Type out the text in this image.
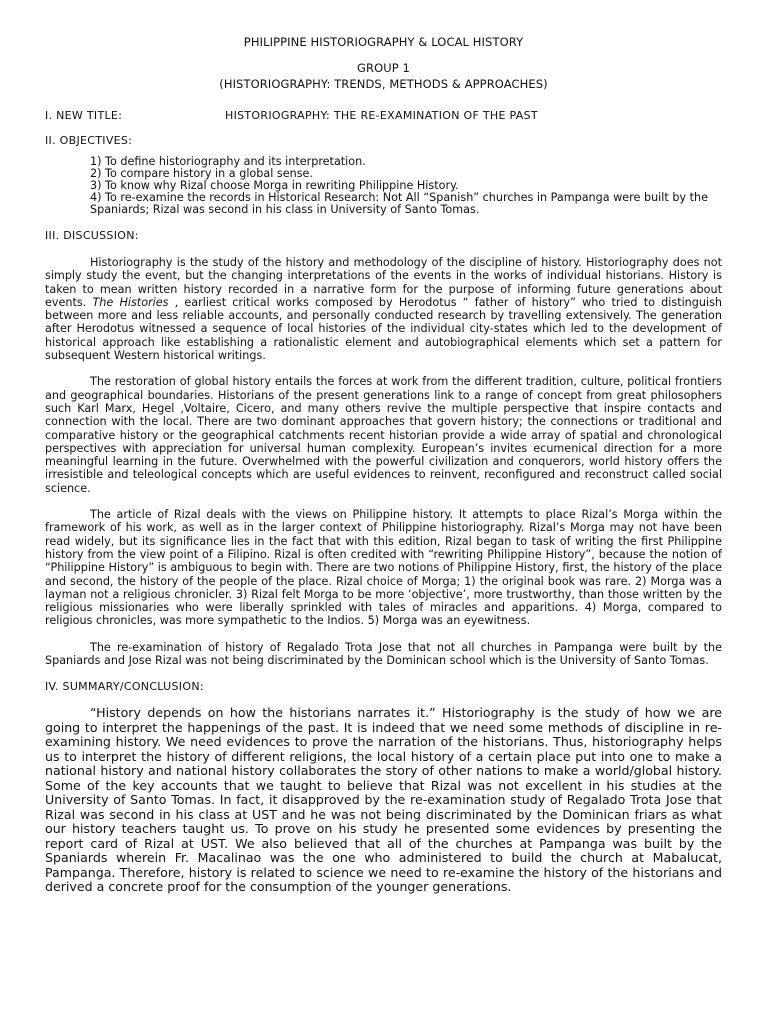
PHILIPPINE HISTORIOGRAPHY & LOCAL HISTORY
GROUP 1
(HISTORIOGRAPHY: TRENDS, METHODS & APPROACHES)
I. NEW TITLE:	HISTORIOGRAPHY: THE RE-EXAMINATION OF THE PAST
II. OBJECTIVES:
1) To define historiography and its interpretation.
2) To compare history in a global sense.
3) To know why Rizal choose Morga in rewriting Philippine History.
4) To re-examine the records in Historical Research: Not All “Spanish” churches in Pampanga were built by the Spaniards; Rizal was second in his class in University of Santo Tomas.
III. DISCUSSION:

Historiography is the study of the history and methodology of the discipline of history. Historiography does not simply study the event, but the changing interpretations of the events in the works of individual historians. History is taken to mean written history recorded in a narrative form for the purpose of informing future generations about events. The Histories , earliest critical works composed by Herodotus “ father of history” who tried to distinguish between more and less reliable accounts, and personally conducted research by travelling extensively. The generation after Herodotus witnessed a sequence of local histories of the individual city-states which led to the development of historical approach like establishing a rationalistic element and autobiographical elements which set a pattern for subsequent Western historical writings.

The restoration of global history entails the forces at work from the different tradition, culture, political frontiers and geographical boundaries. Historians of the present generations link to a range of concept from great philosophers such Karl Marx, Hegel ,Voltaire, Cicero, and many others revive the multiple perspective that inspire contacts and connection with the local. There are two dominant approaches that govern history; the connections or traditional and comparative history or the geographical catchments recent historian provide a wide array of spatial and chronological perspectives with appreciation for universal human complexity. European’s invites ecumenical direction for a more meaningful learning in the future. Overwhelmed with the powerful civilization and conquerors, world history offers the irresistible and teleological concepts which are useful evidences to reinvent, reconfigured and reconstruct called social science.

The article of Rizal deals with the views on Philippine history. It attempts to place Rizal’s Morga within the framework of his work, as well as in the larger context of Philippine historiography. Rizal’s Morga may not have been read widely, but its significance lies in the fact that with this edition, Rizal began to task of writing the first Philippine history from the view point of a Filipino. Rizal is often credited with “rewriting Philippine History”, because the notion of “Philippine History” is ambiguous to begin with. There are two notions of Philippine History, first, the history of the place and second, the history of the people of the place. Rizal choice of Morga; 1) the original book was rare. 2) Morga was a layman not a religious chronicler. 3) Rizal felt Morga to be more ‘objective’, more trustworthy, than those written by the religious missionaries who were liberally sprinkled with tales of miracles and apparitions. 4) Morga, compared to religious chronicles, was more sympathetic to the Indios. 5) Morga was an eyewitness.

The re-examination of history of Regalado Trota Jose that not all churches in Pampanga were built by the Spaniards and Jose Rizal was not being discriminated by the Dominican school which is the University of Santo Tomas.

IV. SUMMARY/CONCLUSION:

“History depends on how the historians narrates it.” Historiography is the study of how we are going to interpret the happenings of the past. It is indeed that we need some methods of discipline in re-examining history. We need evidences to prove the narration of the historians. Thus, historiography helps us to interpret the history of different religions, the local history of a certain place put into one to make a national history and national history collaborates the story of other nations to make a world/global history. Some of the key accounts that we taught to believe that Rizal was not excellent in his studies at the University of Santo Tomas. In fact, it disapproved by the re-examination study of Regalado Trota Jose that Rizal was second in his class at UST and he was not being discriminated by the Dominican friars as what our history teachers taught us. To prove on his study he presented some evidences by presenting the report card of Rizal at UST. We also believed that all of the churches at Pampanga was built by the Spaniards wherein Fr. Macalinao was the one who administered to build the church at Mabalucat, Pampanga. Therefore, history is related to science we need to re-examine the history of the historians and derived a concrete proof for the consumption of the younger generations.
